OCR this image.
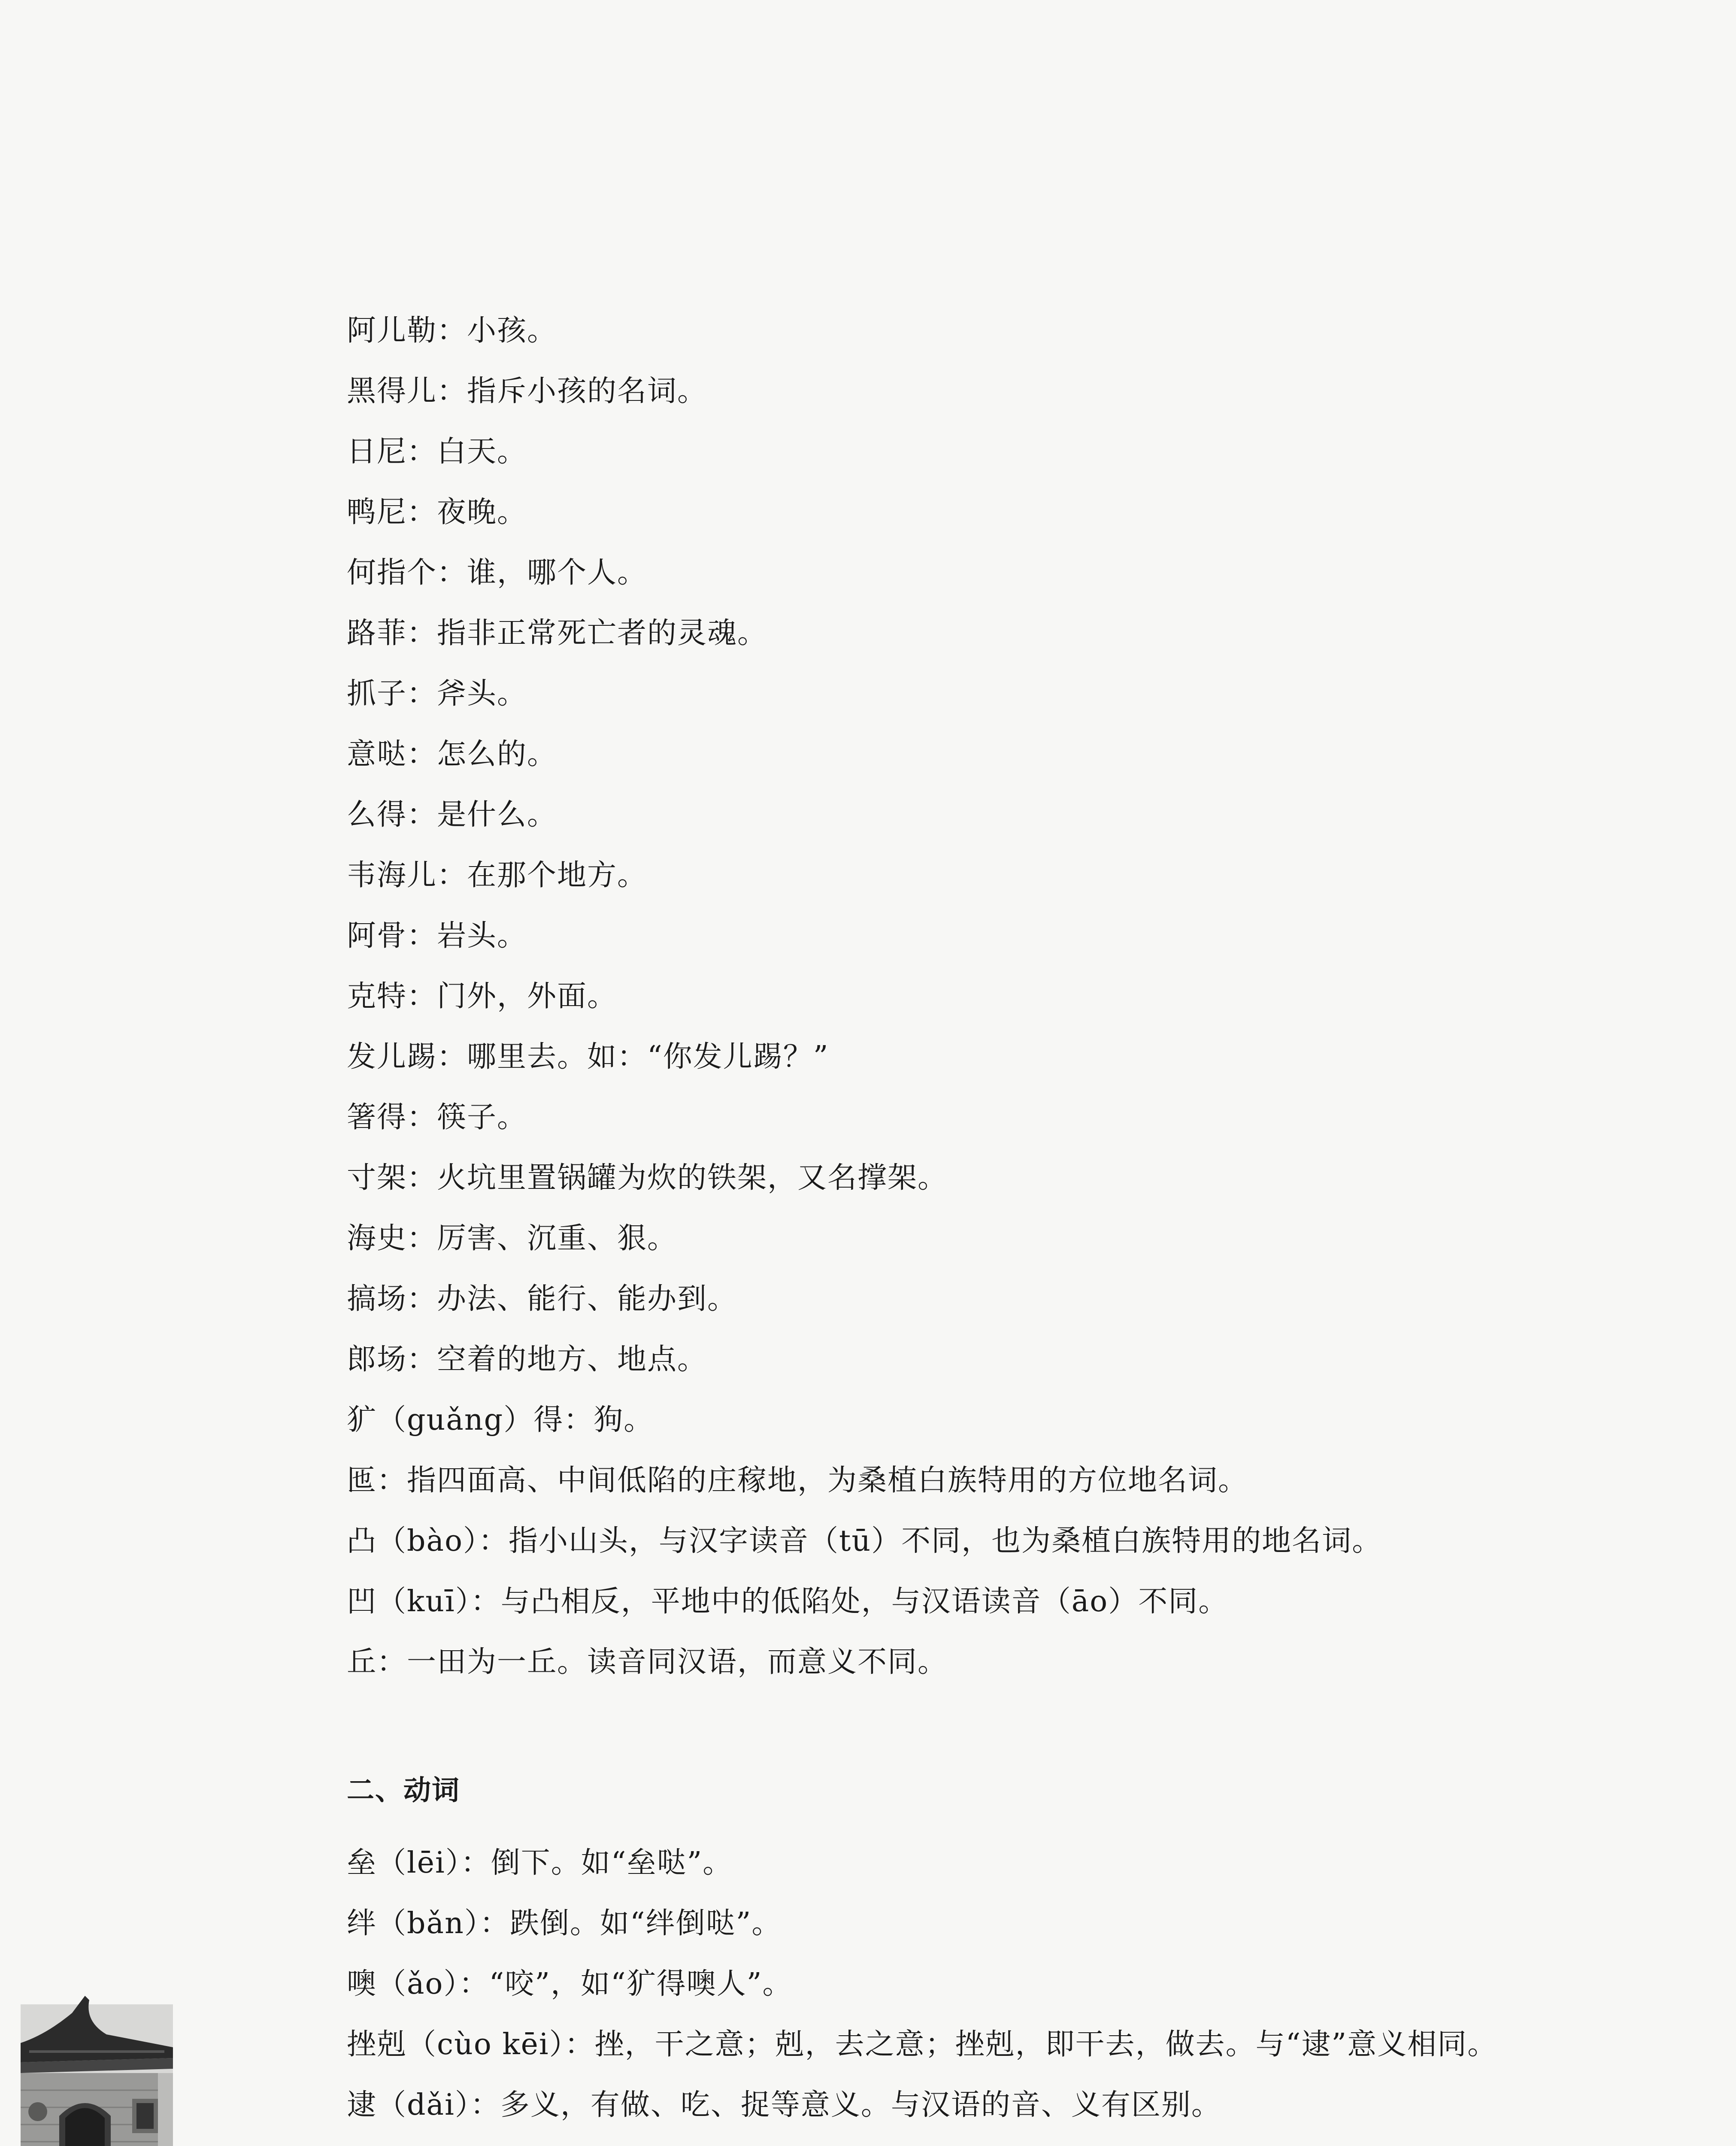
阿儿勒：小孩。
黑得儿：指斥小孩的名词。
日尼：白天。
鸭尼：夜晚。
何指个：谁，哪个人。
路菲：指非正常死亡者的灵魂。
抓子：斧头。
意哒：怎么的。
么得：是什么。
韦海儿：在那个地方。
阿骨：岩头。
克特：门外，外面。
发儿踢：哪里去。如：“你发儿踢？”
箸得：筷子。
寸架：火坑里置锅罐为炊的铁架，又名撑架。
海史：厉害、沉重、狠。
搞场：办法、能行、能办到。
郎场：空着的地方、地点。
犷（guǎng）得：狗。
匜：指四面高、中间低陷的庄稼地，为桑植白族特用的方位地名词。
凸（bào）：指小山头，与汉字读音（tū）不同，也为桑植白族特用的地名词。
凹（kuī）：与凸相反，平地中的低陷处，与汉语读音（āo）不同。
丘：一田为一丘。读音同汉语，而意义不同。
二、动词
垒（lēi）：倒下。如“垒哒”。
绊（bǎn）：跌倒。如“绊倒哒”。
噢（ǎo）：“咬”，如“犷得噢人”。
挫剋（cùo kēi）：挫，干之意；剋，去之意；挫剋，即干去，做去。与“逮”意义相同。
逮（dǎi）：多义，有做、吃、捉等意义。与汉语的音、义有区别。
